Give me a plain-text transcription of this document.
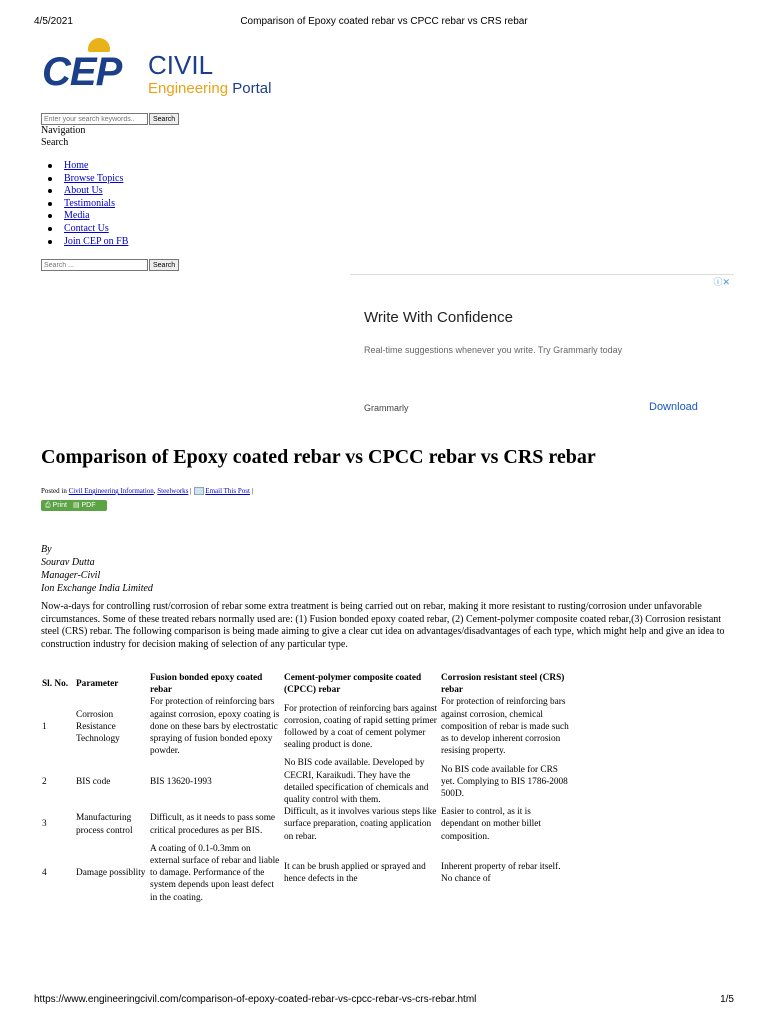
4/5/2021	Comparison of Epoxy coated rebar vs CPCC rebar vs CRS rebar
CEP CIVIL
Engineering Portal
Enter your search keywords..
Search
Navigation
Search
Home
Browse Topics
About Us
Testimonials
Media
Contact Us
Join CEP on FB
Search ...
Search
ⓘ✕
Write With Confidence
Real-time suggestions whenever you write. Try Grammarly today
Grammarly	Download
Comparison of Epoxy coated rebar vs CPCC rebar vs CRS rebar
Posted in Civil Engineering Information, Steelworks | Email This Post |
⎙ Print ▤ PDF
By
Sourav Dutta
Manager-Civil
Ion Exchange India Limited

Now-a-days for controlling rust/corrosion of rebar some extra treatment is being carried out on rebar, making it more resistant to rusting/corrosion under unfavorable circumstances. Some of these treated rebars normally used are: (1) Fusion bonded epoxy coated rebar, (2) Cement-polymer composite coated rebar,(3) Corrosion resistant steel (CRS) rebar. The following comparison is being made aiming to give a clear cut idea on advantages/disadvantages of each type, which might help and give an idea to construction industry for decision making of selection of any particular type.

Sl. No.	Parameter	Fusion bonded epoxy coated rebar	Cement-polymer composite coated (CPCC) rebar	Corrosion resistant steel (CRS) rebar
1	Corrosion Resistance Technology	For protection of reinforcing bars against corrosion, epoxy coating is done on these bars by electrostatic spraying of fusion bonded epoxy powder.	For protection of reinforcing bars against corrosion, coating of rapid setting primer followed by a coat of cement polymer sealing product is done.	For protection of reinforcing bars against corrosion, chemical composition of rebar is made such as to develop inherent corrosion resising property.
2	BIS code	BIS 13620-1993	No BIS code available. Developed by CECRI, Karaikudi. They have the detailed specification of chemicals and quality control with them.	No BIS code available for CRS yet. Complying to BIS 1786-2008 500D.
3	Manufacturing process control	Difficult, as it needs to pass some critical procedures as per BIS.	Difficult, as it involves various steps like surface preparation, coating application on rebar.	Easier to control, as it is dependant on mother billet composition.
4	Damage possiblity	A coating of 0.1-0.3mm on external surface of rebar and liable to damage. Performance of the system depends upon least defect in the coating.	It can be brush applied or sprayed and hence defects in the	Inherent property of rebar itself. No chance of
https://www.engineeringcivil.com/comparison-of-epoxy-coated-rebar-vs-cpcc-rebar-vs-crs-rebar.html	1/5
